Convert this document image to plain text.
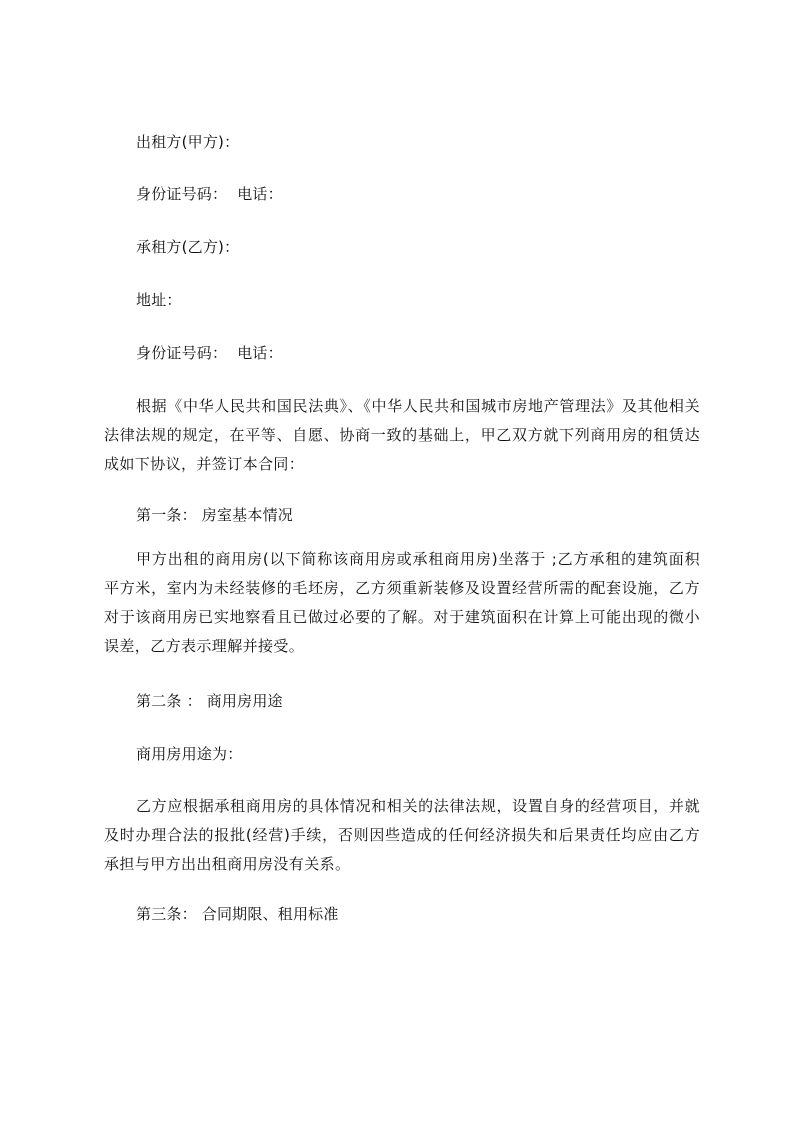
出租方(甲方)：
身份证号码： 电话：
承租方(乙方)：
地址：
身份证号码： 电话：
根据《中华人民共和国民法典》、《中华人民共和国城市房地产管理法》及其他相关法律法规的规定，在平等、自愿、协商一致的基础上，甲乙双方就下列商用房的租赁达成如下协议，并签订本合同：
第一条： 房室基本情况
甲方出租的商用房(以下简称该商用房或承租商用房)坐落于 ;乙方承租的建筑面积 平方米，室内为未经装修的毛坯房，乙方须重新装修及设置经营所需的配套设施，乙方对于该商用房已实地察看且已做过必要的了解。对于建筑面积在计算上可能出现的微小误差，乙方表示理解并接受。
第二条 ： 商用房用途
商用房用途为：
乙方应根据承租商用房的具体情况和相关的法律法规，设置自身的经营项目，并就及时办理合法的报批(经营)手续，否则因些造成的任何经济损失和后果责任均应由乙方承担与甲方出出租商用房没有关系。
第三条： 合同期限、租用标准
